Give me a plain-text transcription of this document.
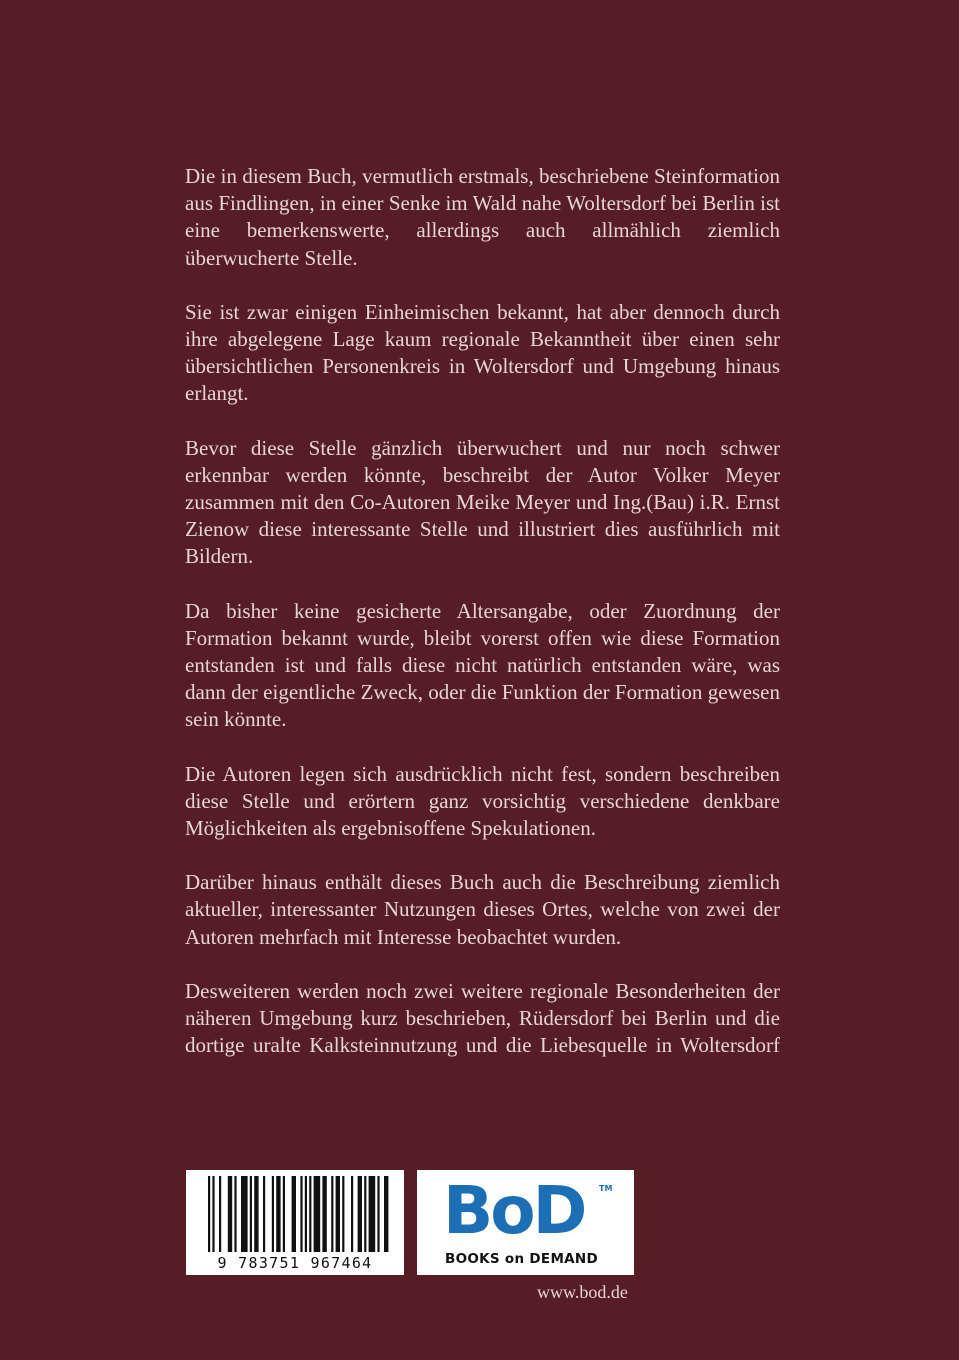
Die in diesem Buch, vermutlich erstmals, beschriebene Steinformation aus Findlingen, in einer Senke im Wald nahe Woltersdorf bei Berlin ist eine bemerkenswerte, allerdings auch allmählich ziemlich überwucherte Stelle.

Sie ist zwar einigen Einheimischen bekannt, hat aber dennoch durch ihre abgelegene Lage kaum regionale Bekanntheit über einen sehr übersichtlichen Personenkreis in Woltersdorf und Umgebung hinaus erlangt.

Bevor diese Stelle gänzlich überwuchert und nur noch schwer erkennbar werden könnte, beschreibt der Autor Volker Meyer zusammen mit den Co-Autoren Meike Meyer und Ing.(Bau) i.R. Ernst Zienow diese interessante Stelle und illustriert dies ausführlich mit Bildern.

Da bisher keine gesicherte Altersangabe, oder Zuordnung der Formation bekannt wurde, bleibt vorerst offen wie diese Formation entstanden ist und falls diese nicht natürlich entstanden wäre, was dann der eigentliche Zweck, oder die Funktion der Formation gewesen sein könnte.

Die Autoren legen sich ausdrücklich nicht fest, sondern beschreiben diese Stelle und erörtern ganz vorsichtig verschiedene denkbare Möglichkeiten als ergebnisoffene Spekulationen.

Darüber hinaus enthält dieses Buch auch die Beschreibung ziemlich aktueller, interessanter Nutzungen dieses Ortes, welche von zwei der Autoren mehrfach mit Interesse beobachtet wurden.

Desweiteren werden noch zwei weitere regionale Besonderheiten der näheren Umgebung kurz beschrieben, Rüdersdorf bei Berlin und die dortige uralte Kalksteinnutzung und die Liebesquelle in Woltersdorf

9 783751 967464
BoD TM
BOOKS on DEMAND
www.bod.de
